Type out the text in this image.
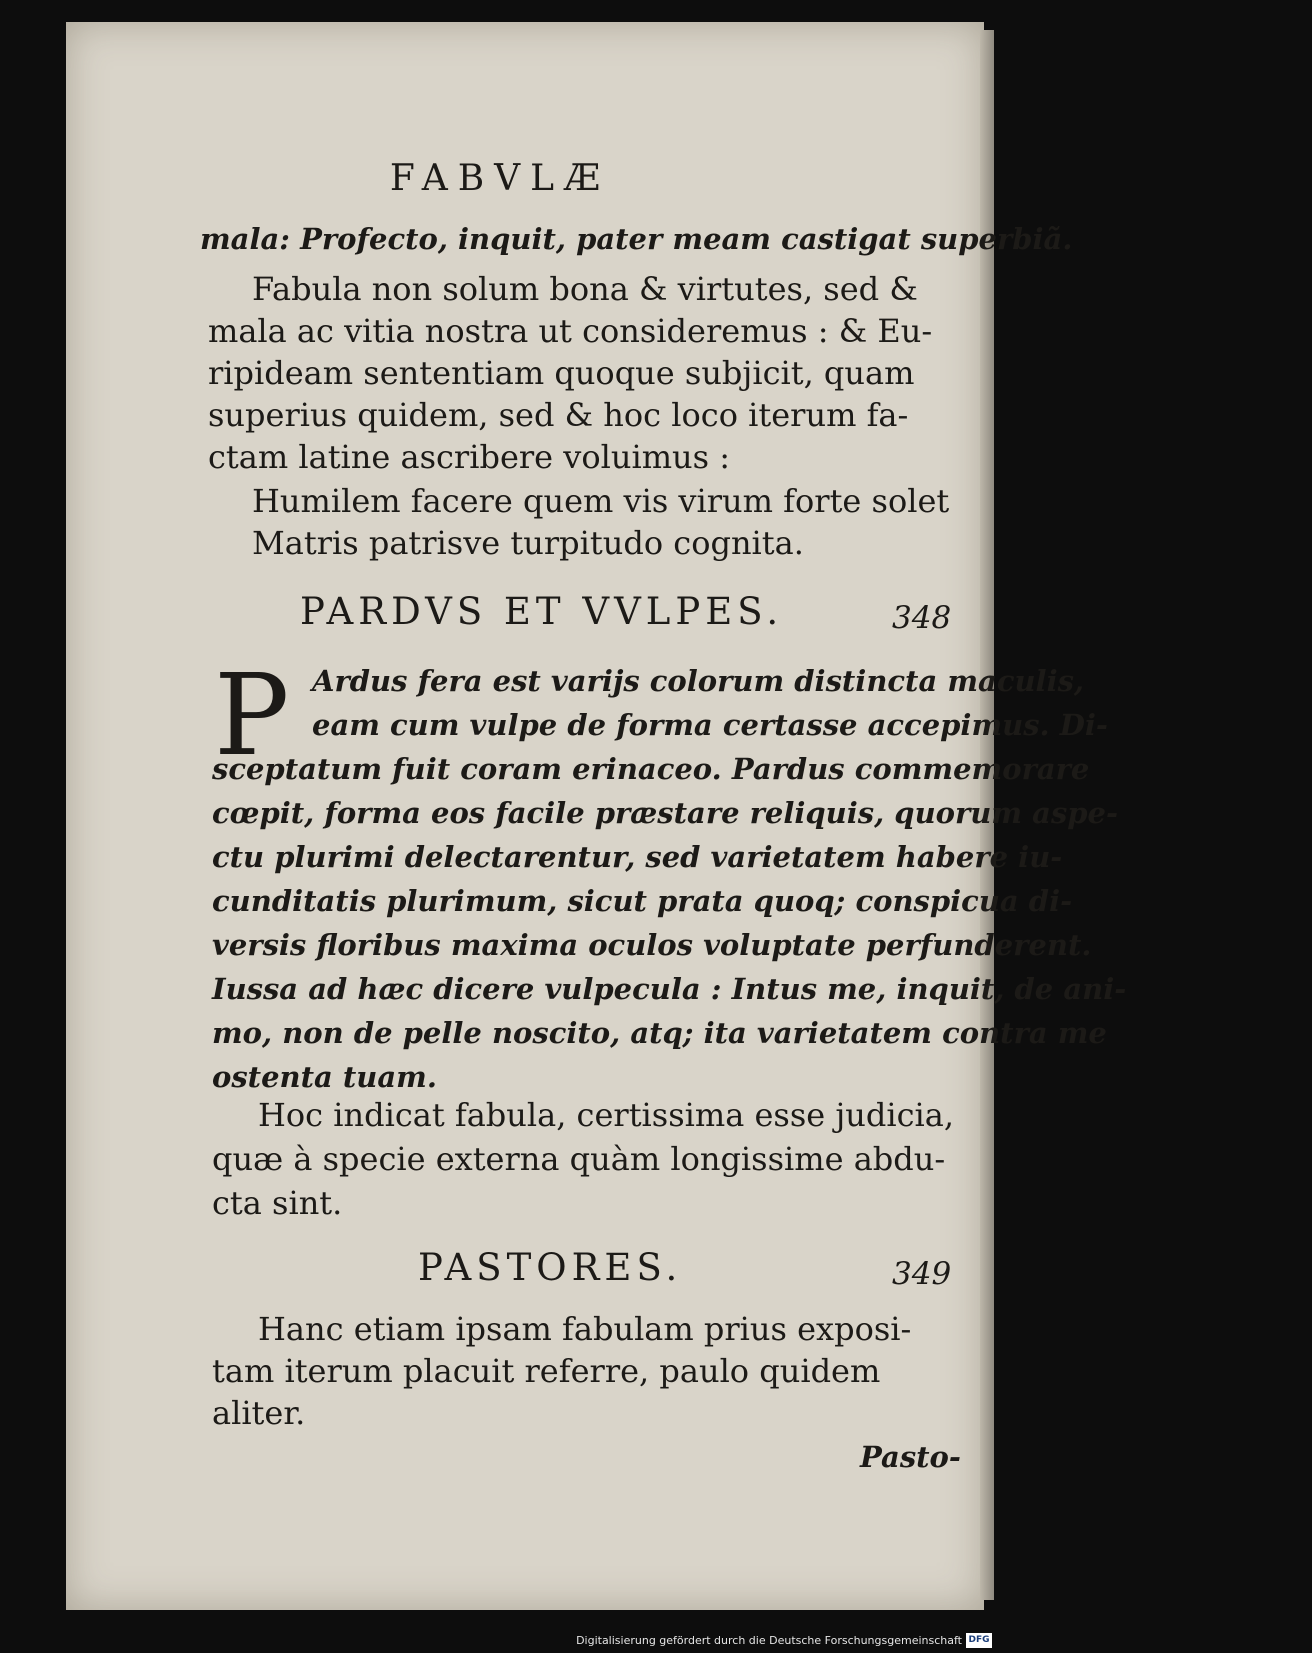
FABVLÆ
mala: Profecto, inquit, pater meam castigat superbiã.
Fabula non solum bona & virtutes, sed &
mala ac vitia nostra ut consideremus : & Eu-
ripideam sententiam quoque subjicit, quam
superius quidem, sed & hoc loco iterum fa-
ctam latine ascribere voluimus :
Humilem facere quem vis virum forte solet
Matris patrisve turpitudo cognita.
PARDVS ET VVLPES.	348
P Ardus fera est varijs colorum distincta maculis,
eam cum vulpe de forma certasse accepimus. Di-
sceptatum fuit coram erinaceo. Pardus commemorare
cœpit, forma eos facile præstare reliquis, quorum aspe-
ctu plurimi delectarentur, sed varietatem habere iu-
cunditatis plurimum, sicut prata quoq; conspicua di-
versis floribus maxima oculos voluptate perfunderent.
Iussa ad hæc dicere vulpecula : Intus me, inquit, de ani-
mo, non de pelle noscito, atq; ita varietatem contra me
ostenta tuam.
Hoc indicat fabula, certissima esse judicia,
quæ à specie externa quàm longissime abdu-
cta sint.
PASTORES.	349
Hanc etiam ipsam fabulam prius exposi-
tam iterum placuit referre, paulo quidem
aliter.
Pasto-
Digitalisierung gefördert durch die Deutsche Forschungsgemeinschaft DFG
